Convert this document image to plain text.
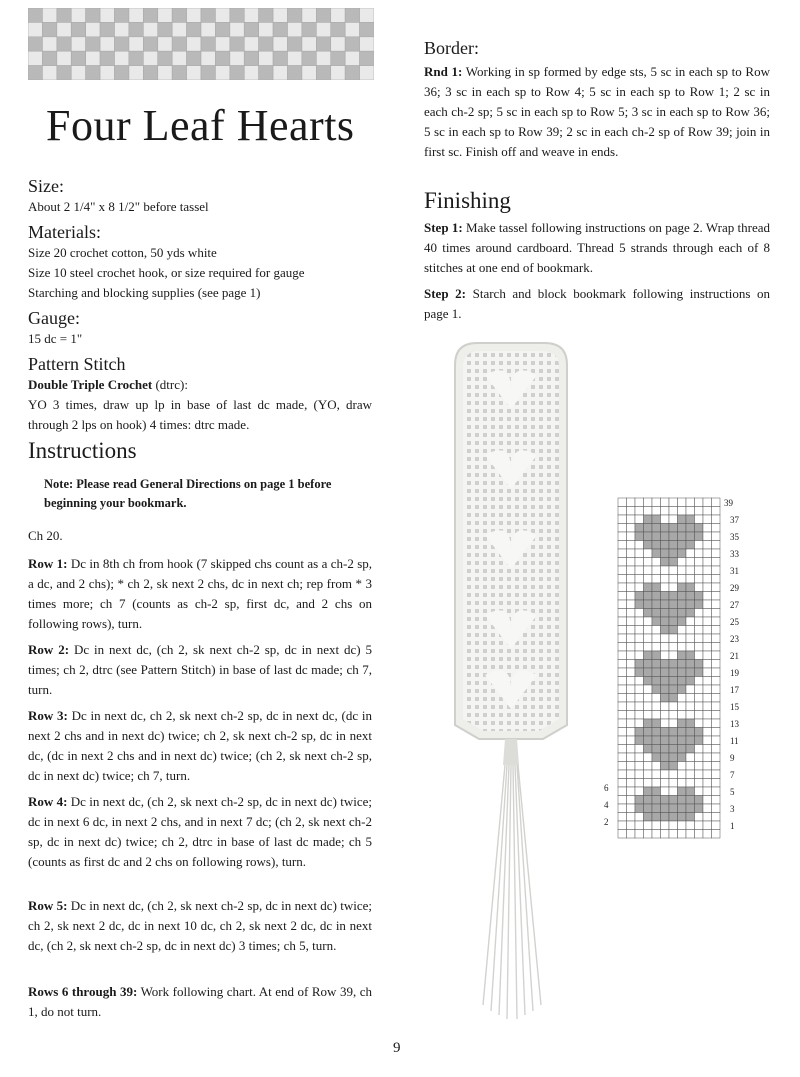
Four Leaf Hearts
Size:
About 2 1/4" x 8 1/2" before tassel
Materials:
Size 20 crochet cotton, 50 yds white
Size 10 steel crochet hook, or size required for gauge
Starching and blocking supplies (see page 1)
Gauge:
15 dc = 1"
Pattern Stitch
Double Triple Crochet (dtrc):
YO 3 times, draw up lp in base of last dc made, (YO, draw through 2 lps on hook) 4 times: dtrc made.
Instructions
Note: Please read General Directions on page 1 before beginning your bookmark.
Ch 20.
Row 1: Dc in 8th ch from hook (7 skipped chs count as a ch-2 sp, a dc, and 2 chs); * ch 2, sk next 2 chs, dc in next ch; rep from * 3 times more; ch 7 (counts as ch-2 sp, first dc, and 2 chs on following rows), turn.
Row 2: Dc in next dc, (ch 2, sk next ch-2 sp, dc in next dc) 5 times; ch 2, dtrc (see Pattern Stitch) in base of last dc made; ch 7, turn.
Row 3: Dc in next dc, ch 2, sk next ch-2 sp, dc in next dc, (dc in next 2 chs and in next dc) twice; ch 2, sk next ch-2 sp, dc in next dc, (dc in next 2 chs and in next dc) twice; (ch 2, sk next ch-2 sp, dc in next dc) twice; ch 7, turn.
Row 4: Dc in next dc, (ch 2, sk next ch-2 sp, dc in next dc) twice; dc in next 6 dc, in next 2 chs, and in next 7 dc; (ch 2, sk next ch-2 sp, dc in next dc) twice; ch 2, dtrc in base of last dc made; ch 5 (counts as first dc and 2 chs on following rows), turn.
Row 5: Dc in next dc, (ch 2, sk next ch-2 sp, dc in next dc) twice; ch 2, sk next 2 dc, dc in next 10 dc, ch 2, sk next 2 dc, dc in next dc, (ch 2, sk next ch-2 sp, dc in next dc) 3 times; ch 5, turn.
Rows 6 through 39: Work following chart. At end of Row 39, ch 1, do not turn.
Border:
Rnd 1: Working in sp formed by edge sts, 5 sc in each sp to Row 36; 3 sc in each sp to Row 4; 5 sc in each sp to Row 1; 2 sc in each ch-2 sp; 5 sc in each sp to Row 5; 3 sc in each sp to Row 36; 5 sc in each sp to Row 39; 2 sc in each ch-2 sp of Row 39; join in first sc. Finish off and weave in ends.
Finishing
Step 1: Make tassel following instructions on page 2. Wrap thread 40 times around cardboard. Thread 5 strands through each of 8 stitches at one end of bookmark.
Step 2: Starch and block bookmark following instructions on page 1.
39
37
35
33
31
29
27
25
23
21
19
17
15
13
11
9
7
5
3
1
6
4
2
9
